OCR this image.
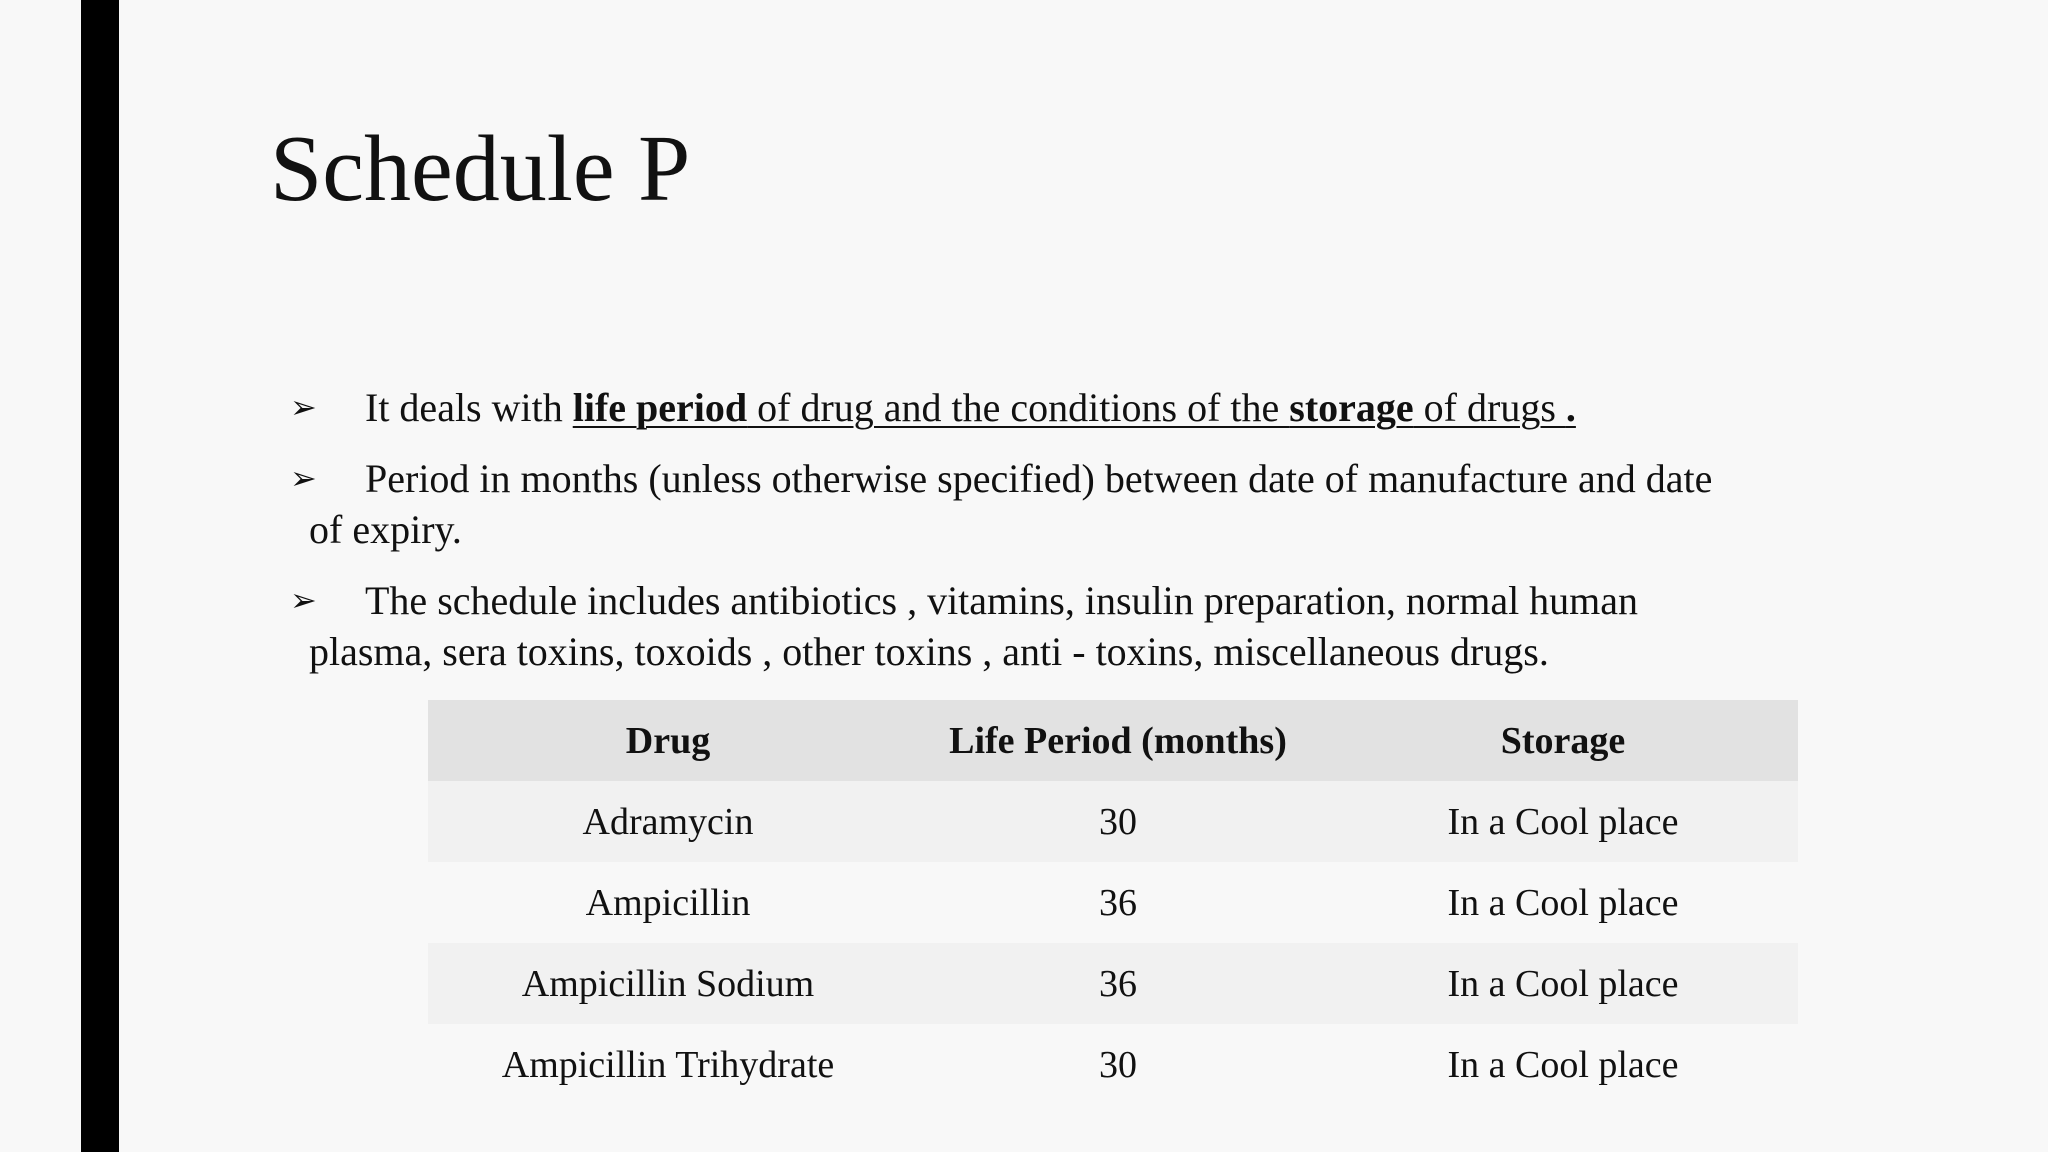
Schedule P
➢	It deals with life period of drug and the conditions of the storage of drugs .
➢	Period in months (unless otherwise specified) between date of manufacture and date
of expiry.
➢	The schedule includes antibiotics , vitamins, insulin preparation, normal human
plasma, sera toxins, toxoids , other toxins , anti - toxins, miscellaneous drugs.
Drug	Life Period (months)	Storage
Adramycin	30	In a Cool place
Ampicillin	36	In a Cool place
Ampicillin Sodium	36	In a Cool place
Ampicillin Trihydrate	30	In a Cool place
